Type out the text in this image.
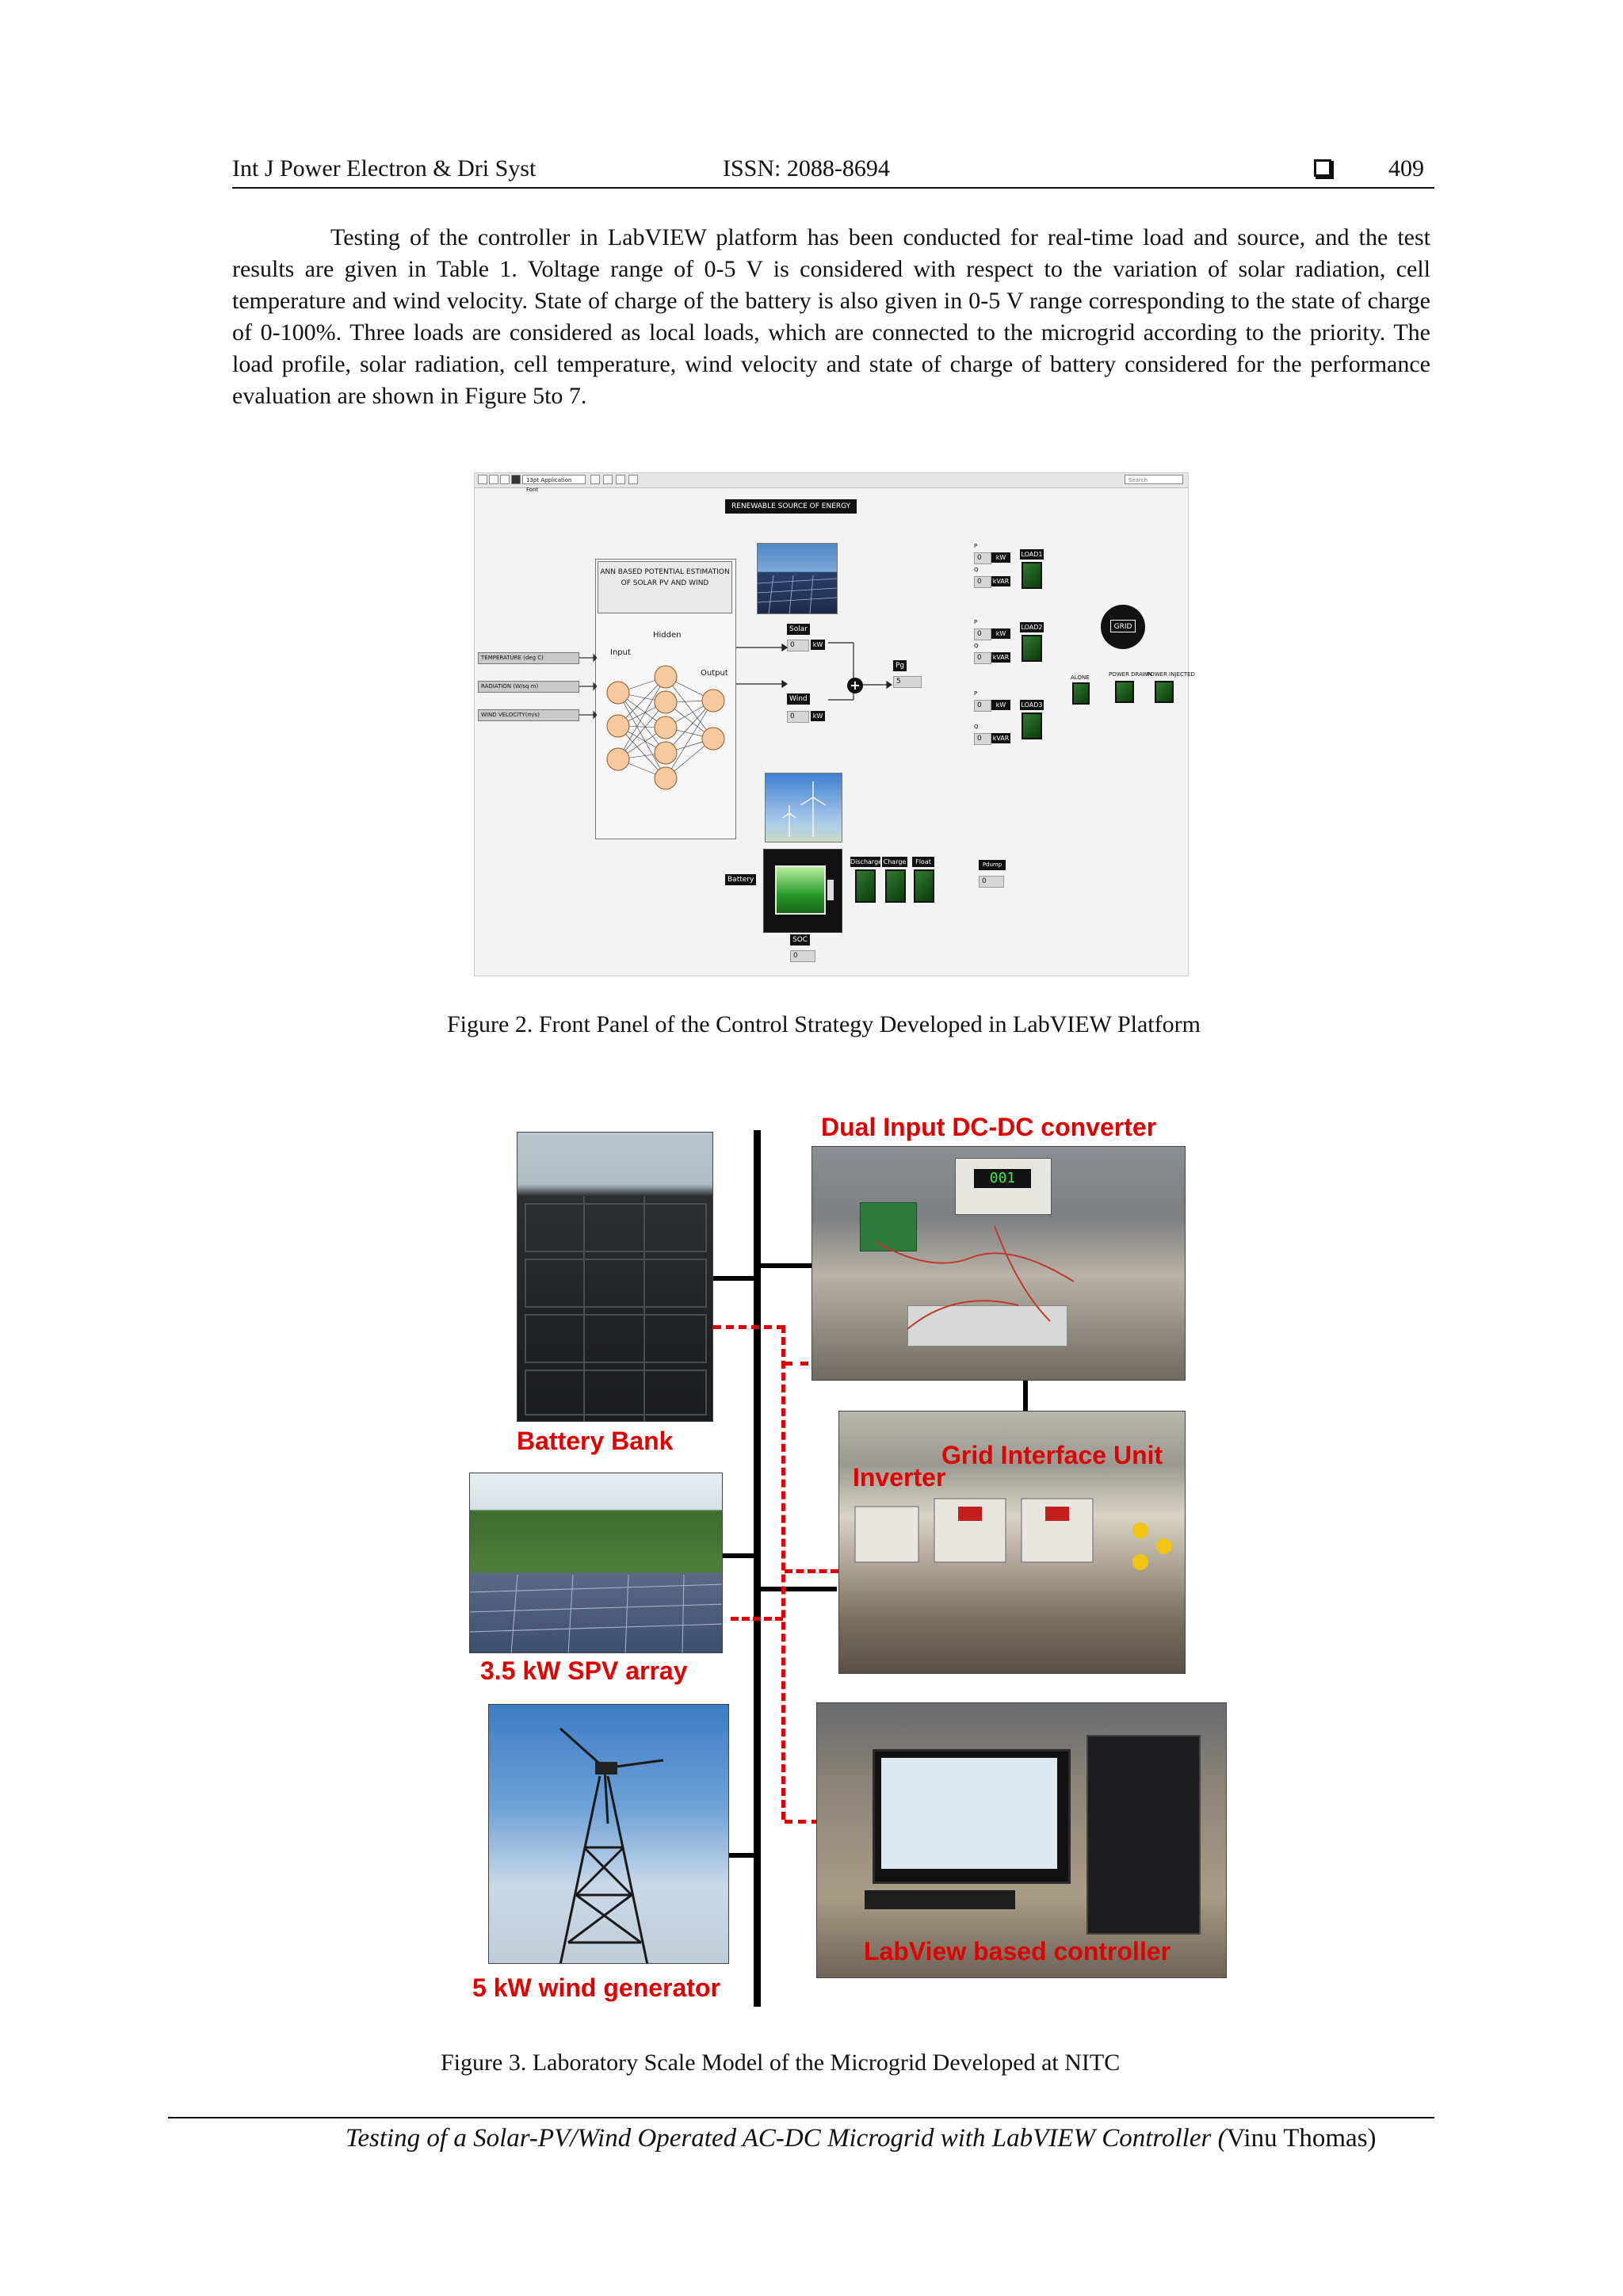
Int J Power Electron & Dri Syst	ISSN: 2088-8694	409
Testing of the controller in LabVIEW platform has been conducted for real-time load and source, and the test results are given in Table 1. Voltage range of 0-5 V is considered with respect to the variation of solar radiation, cell temperature and wind velocity. State of charge of the battery is also given in 0-5 V range corresponding to the state of charge of 0-100%. Three loads are considered as local loads, which are connected to the microgrid according to the priority. The load profile, solar radiation, cell temperature, wind velocity and state of charge of battery considered for the performance evaluation are shown in Figure 5to 7.
13pt Application Font
Search
RENEWABLE SOURCE OF ENERGY
ANN BASED POTENTIAL ESTIMATION OF SOLAR PV AND WIND
Input
Hidden
Output
TEMPERATURE (deg C)
RADIATION (W/sq m)
WIND VELOCITY(m/s)
Solar
0	kW
Wind
0	kW
+
Pg
5
P
0	kW
Q
0	kVAR
LOAD1
P
0	kW
Q
0	kVAR
LOAD2
P
0	kW
Q
0	kVAR
LOAD3
GRID
ALONE	POWER DRAWN
POWER INJECTED
Battery
Discharge Charge	Float
SOC
0
Pdump
0
Figure 2. Front Panel of the Control Strategy Developed in LabVIEW Platform
Battery Bank
Dual Input DC-DC converter
001
Grid Interface Unit
Inverter
3.5 kW SPV array
5 kW wind generator
LabView based controller
Figure 3. Laboratory Scale Model of the Microgrid Developed at NITC
Testing of a Solar-PV/Wind Operated AC-DC Microgrid with LabVIEW Controller (Vinu Thomas)
